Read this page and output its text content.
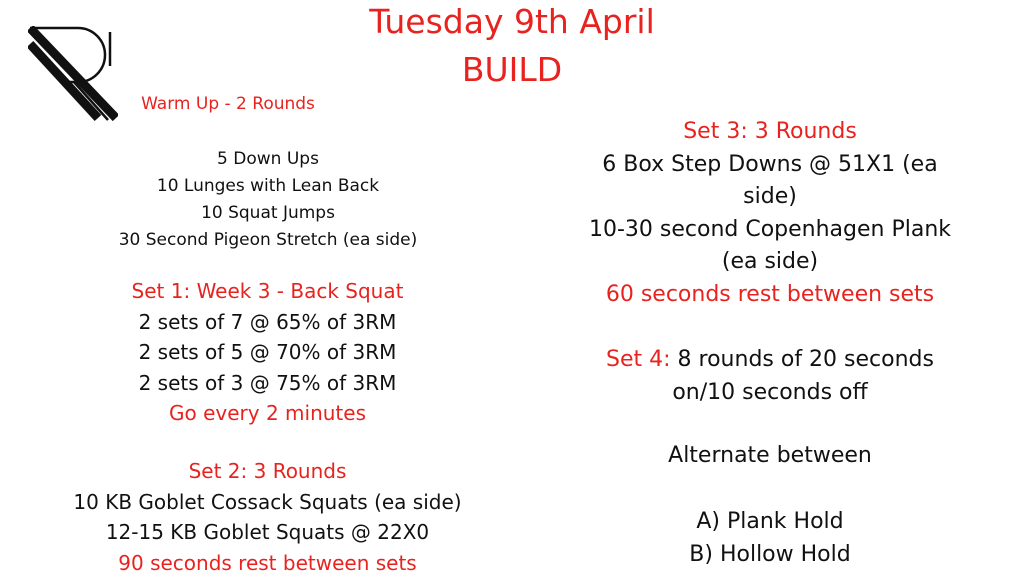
Tuesday 9th April
BUILD
Warm Up - 2 Rounds
5 Down Ups
10 Lunges with Lean Back
10 Squat Jumps
30 Second Pigeon Stretch (ea side)
Set 1: Week 3 - Back Squat
2 sets of 7 @ 65% of 3RM
2 sets of 5 @ 70% of 3RM
2 sets of 3 @ 75% of 3RM
Go every 2 minutes
Set 2: 3 Rounds
10 KB Goblet Cossack Squats (ea side)
12-15 KB Goblet Squats @ 22X0
90 seconds rest between sets
Set 3: 3 Rounds
6 Box Step Downs @ 51X1 (ea
side)
10-30 second Copenhagen Plank
(ea side)
60 seconds rest between sets
Set 4: 8 rounds of 20 seconds
on/10 seconds off
Alternate between
A) Plank Hold
B) Hollow Hold
